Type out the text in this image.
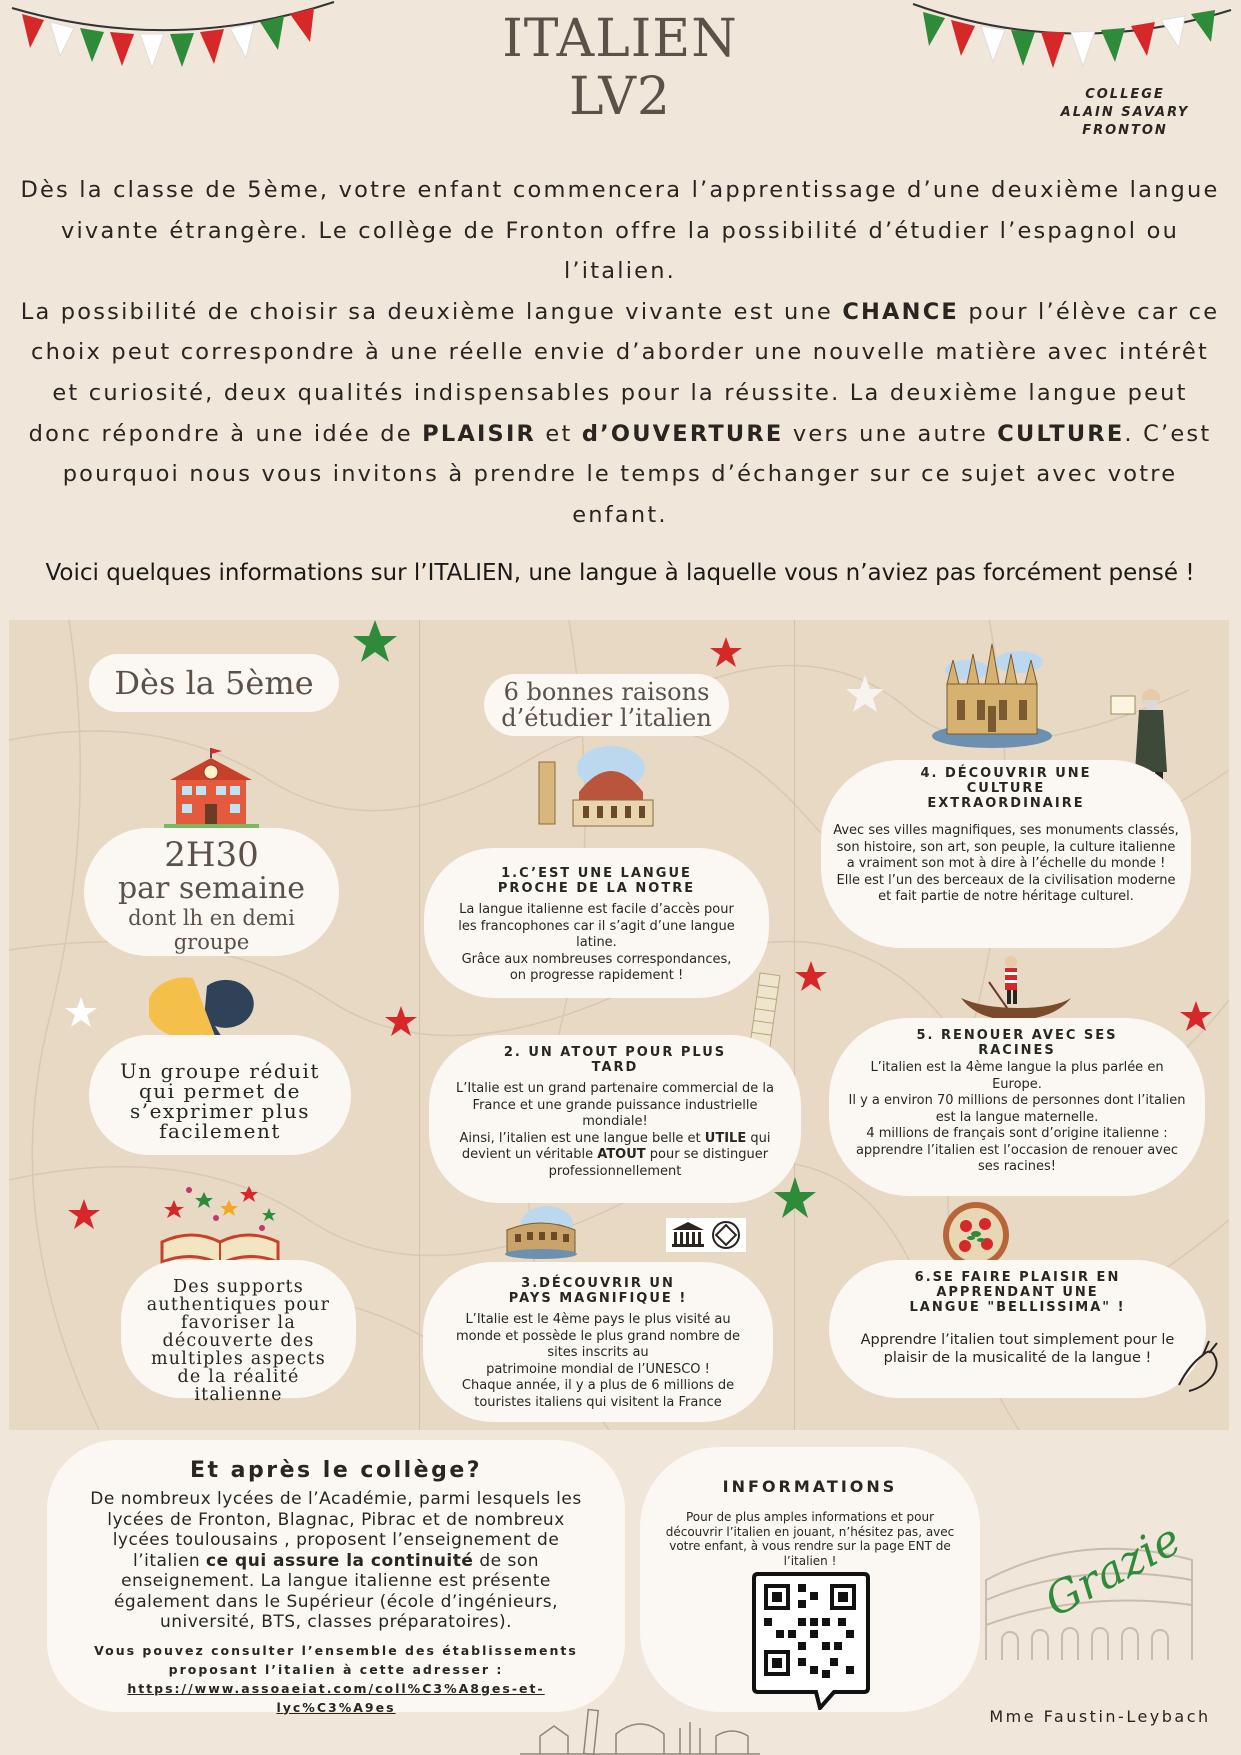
ITALIEN
LV2	COLLEGE
ALAIN SAVARY
FRONTON
Dès la classe de 5ème, votre enfant commencera l’apprentissage d’une deuxième langue vivante étrangère. Le collège de Fronton offre la possibilité d’étudier l’espagnol ou l’italien.
La possibilité de choisir sa deuxième langue vivante est une CHANCE pour l’élève car ce choix peut correspondre à une réelle envie d’aborder une nouvelle matière avec intérêt et curiosité, deux qualités indispensables pour la réussite. La deuxième langue peut donc répondre à une idée de PLAISIR et d’OUVERTURE vers une autre CULTURE. C’est pourquoi nous vous invitons à prendre le temps d’échanger sur ce sujet avec votre enfant.
Voici quelques informations sur l’ITALIEN, une langue à laquelle vous n’aviez pas forcément pensé !
Dès la 5ème
2H30
par semaine
dont lh en demi groupe
Un groupe réduit qui permet de s’exprimer plus facilement
Des supports authentiques pour favoriser la découverte des multiples aspects de la réalité italienne
6 bonnes raisons
d’étudier l’italien
1.C’EST UNE LANGUE
PROCHE DE LA NOTRE

La langue italienne est facile d’accès pour les francophones car il s’agit d’une langue latine.
Grâce aux nombreuses correspondances, on progresse rapidement !

2. UN ATOUT POUR PLUS
TARD

L’Italie est un grand partenaire commercial de la France et une grande puissance industrielle mondiale!
Ainsi, l’italien est une langue belle et UTILE qui devient un véritable ATOUT pour se distinguer professionnellement

3.DÉCOUVRIR UN
PAYS MAGNIFIQUE !

L’Italie est le 4ème pays le plus visité au monde et possède le plus grand nombre de sites inscrits au
patrimoine mondial de l’UNESCO !
Chaque année, il y a plus de 6 millions de touristes italiens qui visitent la France

4. DÉCOUVRIR UNE
CULTURE
EXTRAORDINAIRE

Avec ses villes magnifiques, ses monuments classés, son histoire, son art, son peuple, la culture italienne a vraiment son mot à dire à l’échelle du monde !
Elle est l’un des berceaux de la civilisation moderne et fait partie de notre héritage culturel.

5. RENOUER AVEC SES
RACINES

L’italien est la 4ème langue la plus parlée en Europe.
Il y a environ 70 millions de personnes dont l’italien est la langue maternelle.
4 millions de français sont d’origine italienne : apprendre l’italien est l’occasion de renouer avec ses racines!

6.SE FAIRE PLAISIR EN
APPRENDANT UNE
LANGUE "BELLISSIMA" !

Apprendre l’italien tout simplement pour le plaisir de la musicalité de la langue !

Et après le collège?
De nombreux lycées de l’Académie, parmi lesquels les lycées de Fronton, Blagnac, Pibrac et de nombreux lycées toulousains , proposent l’enseignement de l’italien ce qui assure la continuité de son enseignement. La langue italienne est présente également dans le Supérieur (école d’ingénieurs, université, BTS, classes préparatoires).
Vous pouvez consulter l’ensemble des établissements proposant l’italien à cette adresser :
https://www.assoaeiat.com/coll%C3%A8ges-et-lyc%C3%A9es
INFORMATIONS

Pour de plus amples informations et pour découvrir l’italien en jouant, n’hésitez pas, avec votre enfant, à vous rendre sur la page ENT de l’italien !	Grazie
Mme Faustin-Leybach
